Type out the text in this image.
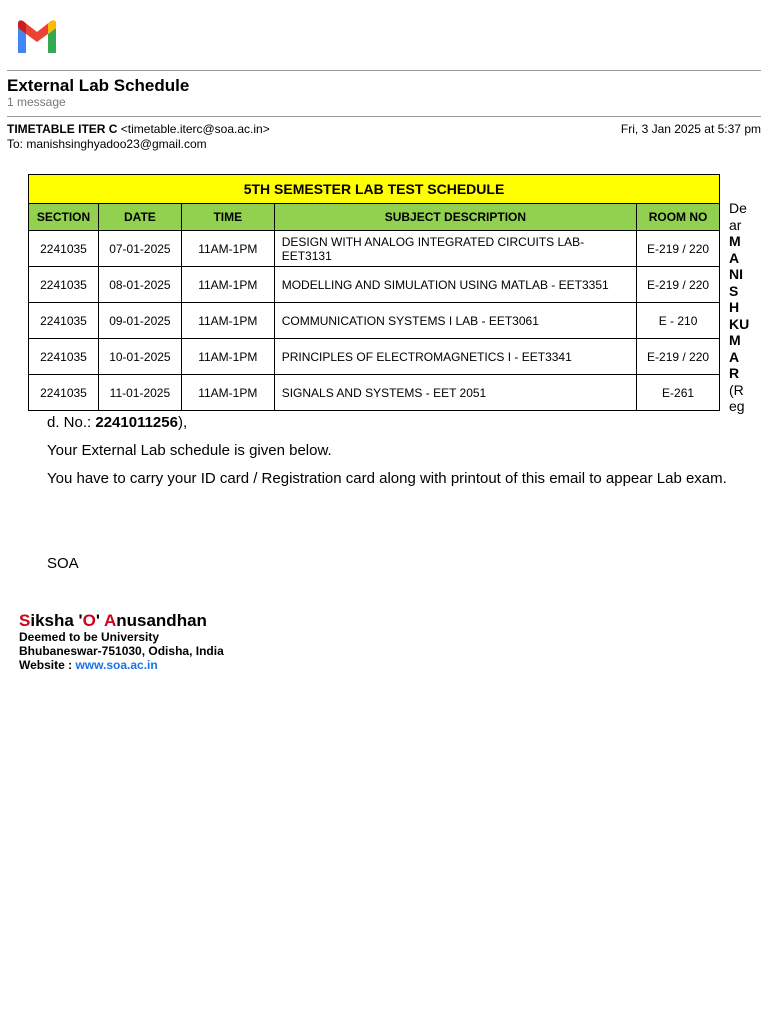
External Lab Schedule
1 message
TIMETABLE ITER C <timetable.iterc@soa.ac.in>
To: manishsinghyadoo23@gmail.com
Fri, 3 Jan 2025 at 5:37 pm
5TH SEMESTER LAB TEST SCHEDULE				
SECTION	DATE	TIME	SUBJECT DESCRIPTION	ROOM NO
2241035	07-01-2025	11AM-1PM	DESIGN WITH ANALOG INTEGRATED CIRCUITS LAB- EET3131	E-219 / 220
2241035	08-01-2025	11AM-1PM	MODELLING AND SIMULATION USING MATLAB - EET3351	E-219 / 220
2241035	09-01-2025	11AM-1PM	COMMUNICATION SYSTEMS I LAB - EET3061	E - 210
2241035	10-01-2025	11AM-1PM	PRINCIPLES OF ELECTROMAGNETICS I - EET3341	E-219 / 220
2241035	11-01-2025	11AM-1PM	SIGNALS AND SYSTEMS - EET 2051	E-261
De
ar
M
A
NI
S
H
KU
M
A
R
(R
eg
d. No.: 2241011256),
Your External Lab schedule is given below.
You have to carry your ID card / Registration card along with printout of this email to appear Lab exam.
SOA
Siksha 'O' Anusandhan
Deemed to be University
Bhubaneswar-751030, Odisha, India
Website : www.soa.ac.in
